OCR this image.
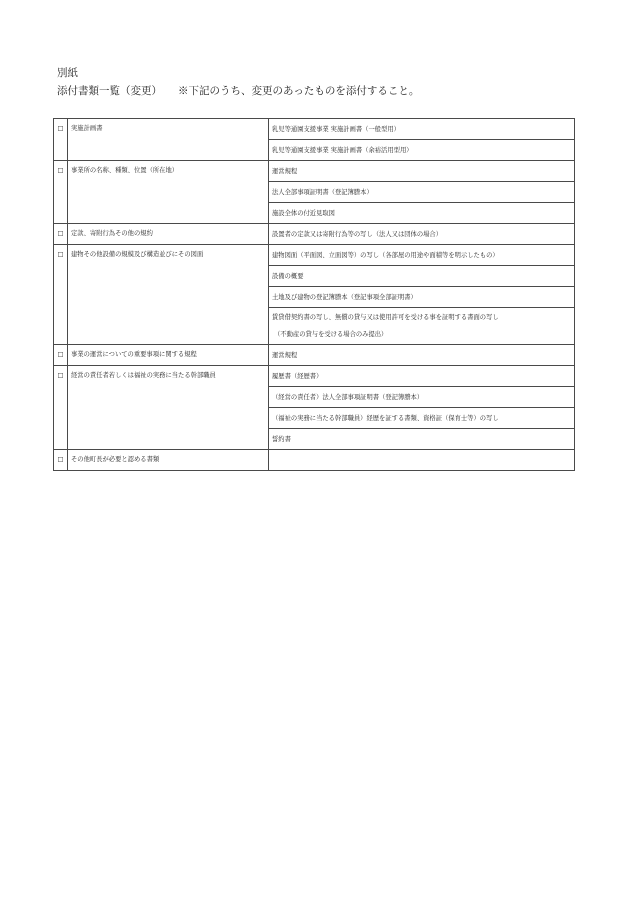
別紙
添付書類一覧（変更） ※下記のうち、変更のあったものを添付すること。
□	実施計画書	乳児等通園支援事業 実施計画書（一般型用）
		乳児等通園支援事業 実施計画書（余裕活用型用）
□	事業所の名称、種類、位置（所在地）	運営規程
		法人全部事項証明書（登記簿謄本）
		施設全体の付近見取図
□	定款、寄附行為その他の規約	設置者の定款又は寄附行為等の写し（法人又は団体の場合）
□	建物その他設備の規模及び構造並びにその図面	建物図面（平面図、立面図等）の写し（各部屋の用途や面積等を明示したもの）
		設備の概要
		土地及び建物の登記簿謄本（登記事項全部証明書）
		賃貸借契約書の写し、無償の貸与又は使用許可を受ける事を証明する書面の写し
（不動産の貸与を受ける場合のみ提出）

□	事業の運営についての重要事項に関する規程	運営規程
□	経営の責任者若しくは福祉の実務に当たる幹部職員	履歴書（経歴書）
		（経営の責任者）法人全部事項証明書（登記簿謄本）
		（福祉の実務に当たる幹部職員）経歴を証する書類、資格証（保育士等）の写し
		誓約書
□	その他町長が必要と認める書類	
